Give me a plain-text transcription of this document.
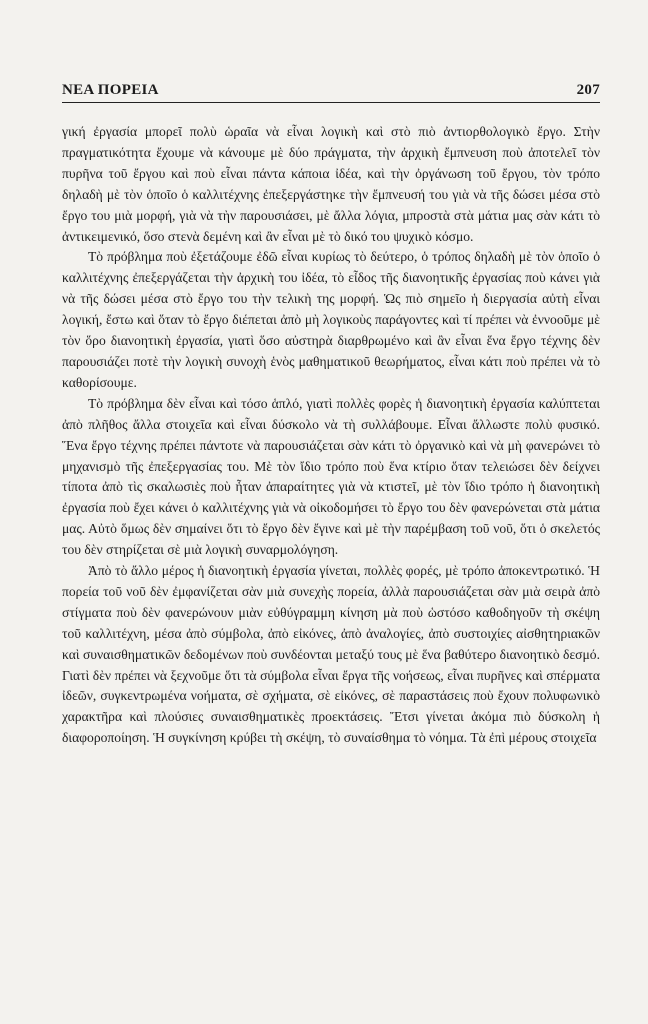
ΝΕΑ ΠΟΡΕΙΑ	207

γική ἐργασία μπορεῖ πολὺ ὡραῖα νὰ εἶναι λογικὴ καὶ στὸ πιὸ ἀντιορθολογικὸ ἔργο. Στὴν πραγματικότητα ἔχουμε νὰ κάνουμε μὲ δύο πράγματα, τὴν ἀρχικὴ ἔμπνευση ποὺ ἀποτελεῖ τὸν πυρῆνα τοῦ ἔργου καὶ ποὺ εἶναι πάντα κάποια ἰδέα, καὶ τὴν ὀργάνωση τοῦ ἔργου, τὸν τρόπο δηλαδὴ μὲ τὸν ὁποῖο ὁ καλλιτέχνης ἐπεξεργάστηκε τὴν ἔμπνευσή του γιὰ νὰ τῆς δώσει μέσα στὸ ἔργο του μιὰ μορφή, γιὰ νὰ τὴν παρουσιάσει, μὲ ἄλλα λόγια, μπροστὰ στὰ μάτια μας σὰν κάτι τὸ ἀντικειμενικό, ὅσο στενὰ δεμένη καὶ ἂν εἶναι μὲ τὸ δικό του ψυχικὸ κόσμο.

Τὸ πρόβλημα ποὺ ἐξετάζουμε ἐδῶ εἶναι κυρίως τὸ δεύτερο, ὁ τρόπος δηλαδὴ μὲ τὸν ὁποῖο ὁ καλλιτέχνης ἐπεξεργάζεται τὴν ἀρχικὴ του ἰδέα, τὸ εἶδος τῆς διανοητικῆς ἐργασίας ποὺ κάνει γιὰ νὰ τῆς δώσει μέσα στὸ ἔργο του τὴν τελικὴ της μορφή. Ὡς πιὸ σημεῖο ἡ διεργασία αὐτὴ εἶναι λογική, ἔστω καὶ ὅταν τὸ ἔργο διέπεται ἀπὸ μὴ λογικοὺς παράγοντες καὶ τί πρέπει νὰ ἐννοοῦμε μὲ τὸν ὅρο διανοητικὴ ἐργασία, γιατὶ ὅσο αὐστηρὰ διαρθρωμένο καὶ ἂν εἶναι ἕνα ἔργο τέχνης δὲν παρουσιάζει ποτὲ τὴν λογικὴ συνοχὴ ἑνὸς μαθηματικοῦ θεωρήματος, εἶναι κάτι ποὺ πρέπει νὰ τὸ καθορίσουμε.

Τὸ πρόβλημα δὲν εἶναι καὶ τόσο ἁπλό, γιατὶ πολλὲς φορὲς ἡ διανοητικὴ ἐργασία καλύπτεται ἀπὸ πλῆθος ἄλλα στοιχεῖα καὶ εἶναι δύσκολο νὰ τὴ συλλάβουμε. Εἶναι ἄλλωστε πολὺ φυσικό. Ἕνα ἔργο τέχνης πρέπει πάντοτε νὰ παρουσιάζεται σὰν κάτι τὸ ὀργανικὸ καὶ νὰ μὴ φανερώνει τὸ μηχανισμὸ τῆς ἐπεξεργασίας του. Μὲ τὸν ἴδιο τρόπο ποὺ ἕνα κτίριο ὅταν τελειώσει δὲν δείχνει τίποτα ἀπὸ τὶς σκαλωσιὲς ποὺ ἦταν ἀπαραίτητες γιὰ νὰ κτιστεῖ, μὲ τὸν ἴδιο τρόπο ἡ διανοητικὴ ἐργασία ποὺ ἔχει κάνει ὁ καλλιτέχνης γιὰ νὰ οἰκοδομήσει τὸ ἔργο του δὲν φανερώνεται στὰ μάτια μας. Αὐτὸ ὅμως δὲν σημαίνει ὅτι τὸ ἔργο δὲν ἔγινε καὶ μὲ τὴν παρέμβαση τοῦ νοῦ, ὅτι ὁ σκελετός του δὲν στηρίζεται σὲ μιὰ λογικὴ συναρμολόγηση.

Ἀπὸ τὸ ἄλλο μέρος ἡ διανοητικὴ ἐργασία γίνεται, πολλὲς φορές, μὲ τρόπο ἀποκεντρωτικό. Ἡ πορεία τοῦ νοῦ δὲν ἐμφανίζεται σὰν μιὰ συνεχὴς πορεία, ἀλλὰ παρουσιάζεται σὰν μιὰ σειρὰ ἀπὸ στίγματα ποὺ δὲν φανερώνουν μιὰν εὐθύγραμμη κίνηση μὰ ποὺ ὡστόσο καθοδηγοῦν τὴ σκέψη τοῦ καλλιτέχνη, μέσα ἀπὸ σύμβολα, ἀπὸ εἰκόνες, ἀπὸ ἀναλογίες, ἀπὸ συστοιχίες αἰσθητηριακῶν καὶ συναισθηματικῶν δεδομένων ποὺ συνδέονται μεταξύ τους μὲ ἕνα βαθύτερο διανοητικὸ δεσμό. Γιατὶ δὲν πρέπει νὰ ξεχνοῦμε ὅτι τὰ σύμβολα εἶναι ἔργα τῆς νοήσεως, εἶναι πυρῆνες καὶ σπέρματα ἰδεῶν, συγκεντρωμένα νοήματα, σὲ σχήματα, σὲ εἰκόνες, σὲ παραστάσεις ποὺ ἔχουν πολυφωνικὸ χαρακτῆρα καὶ πλούσιες συναισθηματικὲς προεκτάσεις. Ἔτσι γίνεται ἀκόμα πιὸ δύσκολη ἡ διαφοροποίηση. Ἡ συγκίνηση κρύβει τὴ σκέψη, τὸ συναίσθημα τὸ νόημα. Τὰ ἐπὶ μέρους στοιχεῖα
